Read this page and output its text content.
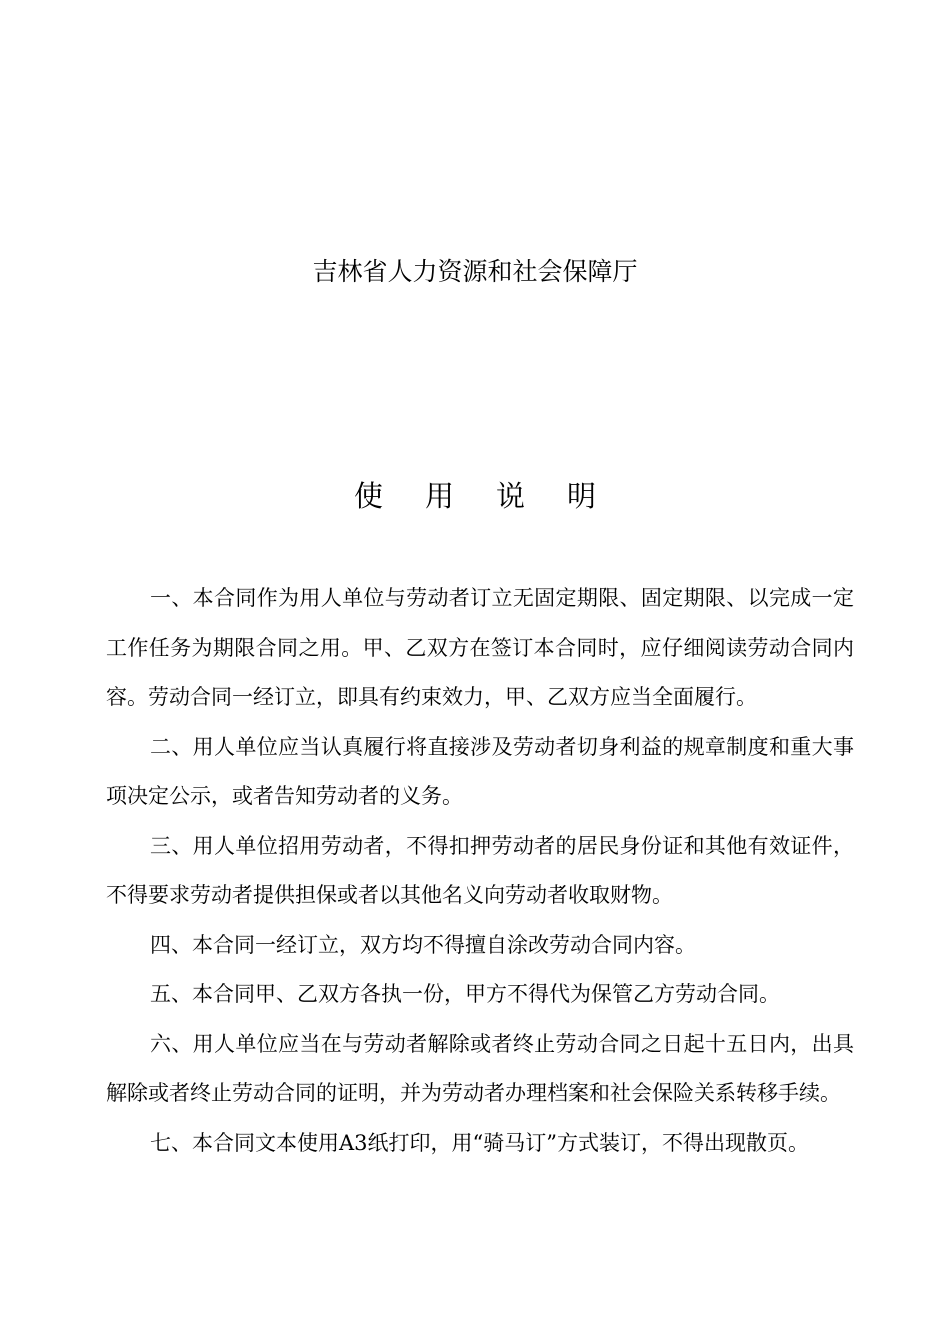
吉林省人力资源和社会保障厅
使 用 说 明

一、本合同作为用人单位与劳动者订立无固定期限、固定期限、以完成一定工作任务为期限合同之用。甲、乙双方在签订本合同时，应仔细阅读劳动合同内容。劳动合同一经订立，即具有约束效力，甲、乙双方应当全面履行。

二、用人单位应当认真履行将直接涉及劳动者切身利益的规章制度和重大事项决定公示，或者告知劳动者的义务。

三、用人单位招用劳动者，不得扣押劳动者的居民身份证和其他有效证件，不得要求劳动者提供担保或者以其他名义向劳动者收取财物。

四、本合同一经订立，双方均不得擅自涂改劳动合同内容。

五、本合同甲、乙双方各执一份，甲方不得代为保管乙方劳动合同。

六、用人单位应当在与劳动者解除或者终止劳动合同之日起十五日内，出具解除或者终止劳动合同的证明，并为劳动者办理档案和社会保险关系转移手续。

七、本合同文本使用A3纸打印，用“骑马订”方式装订，不得出现散页。
